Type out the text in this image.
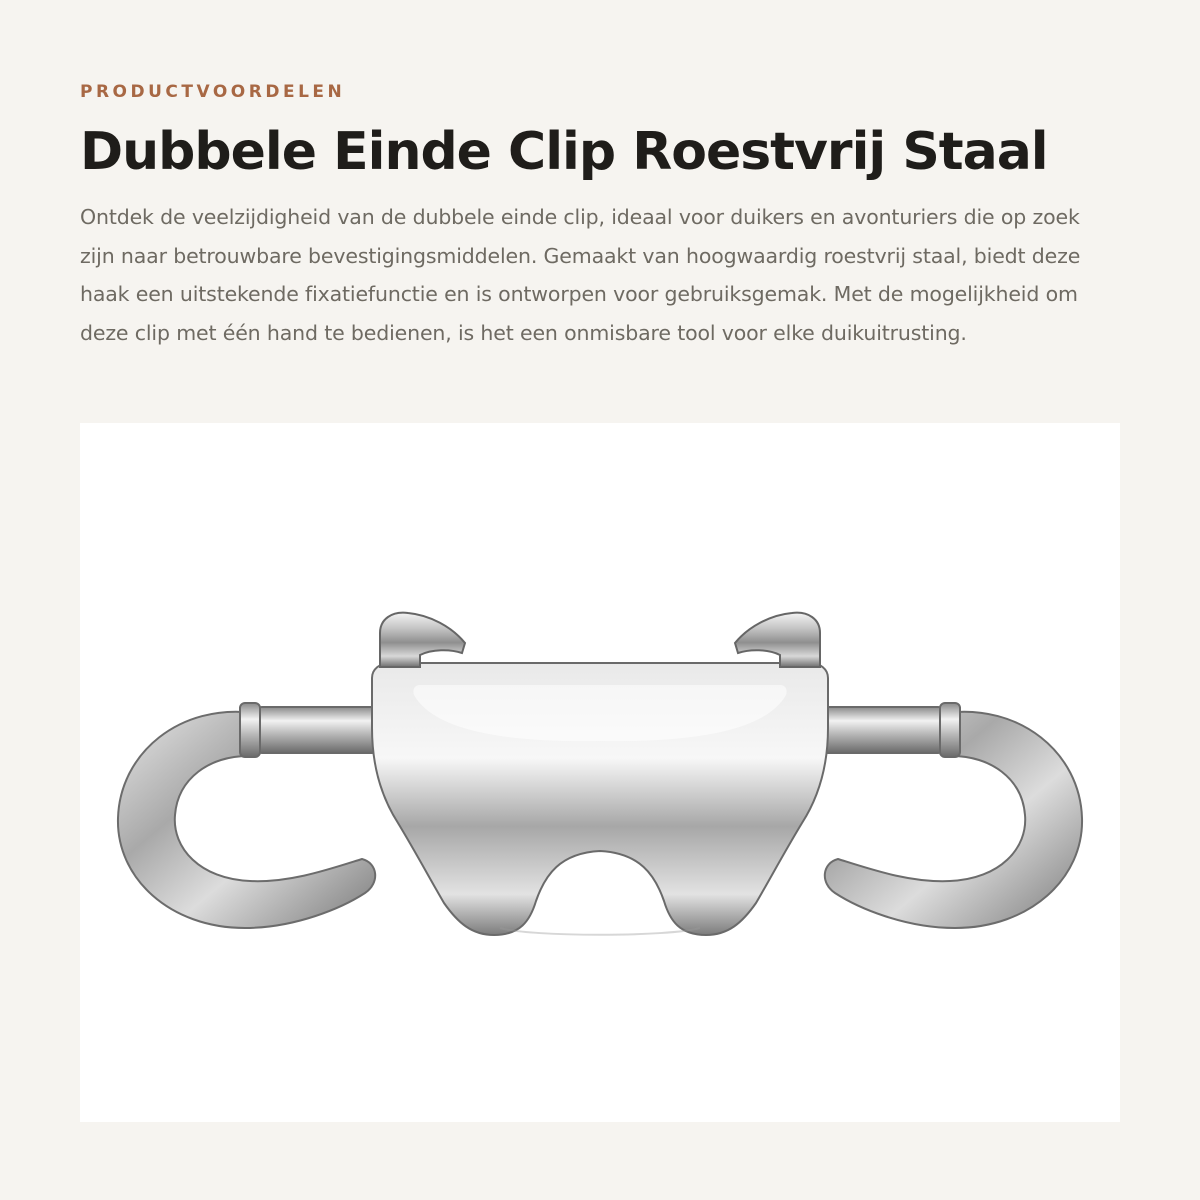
PRODUCTVOORDELEN

Dubbele Einde Clip Roestvrij Staal

Ontdek de veelzijdigheid van de dubbele einde clip, ideaal voor duikers en avonturiers die op zoek zijn naar betrouwbare bevestigingsmiddelen. Gemaakt van hoogwaardig roestvrij staal, biedt deze haak een uitstekende fixatiefunctie en is ontworpen voor gebruiksgemak. Met de mogelijkheid om deze clip met één hand te bedienen, is het een onmisbare tool voor elke duikuitrusting.
